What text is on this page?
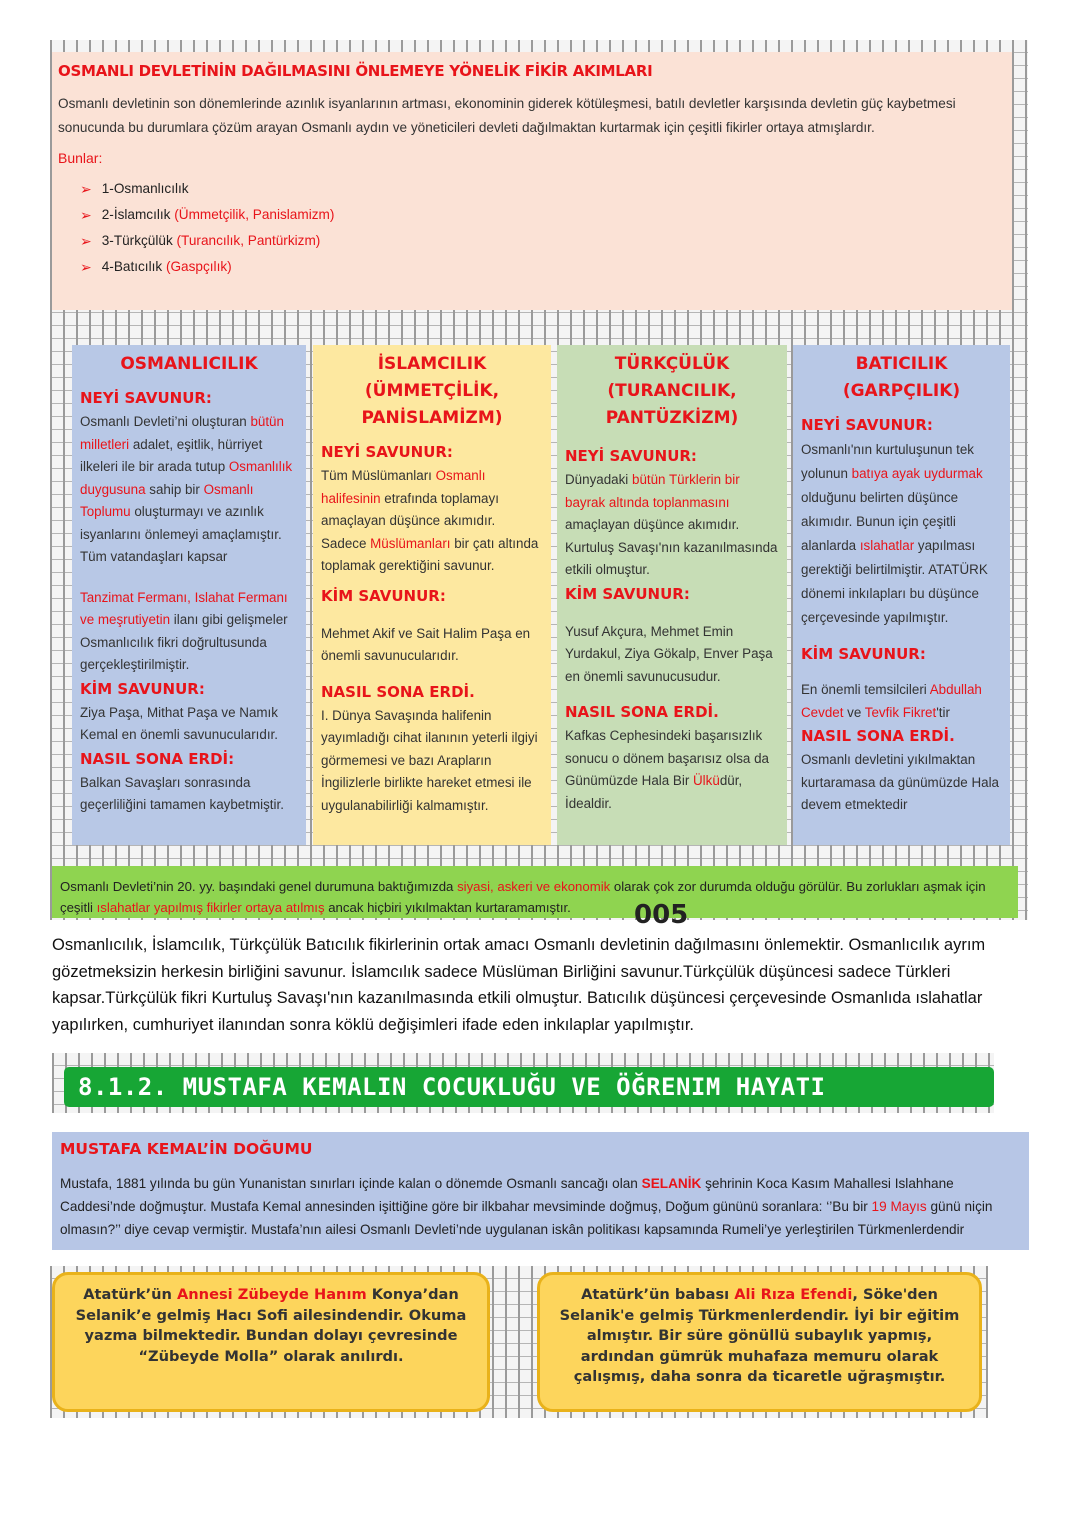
OSMANLI DEVLETİNİN DAĞILMASINI ÖNLEMEYE YÖNELİK FİKİR AKIMLARI

Osmanlı devletinin son dönemlerinde azınlık isyanlarının artması, ekonominin giderek kötüleşmesi, batılı devletler karşısında devletin güç kaybetmesi sonucunda bu durumlara çözüm arayan Osmanlı aydın ve yöneticileri devleti dağılmaktan kurtarmak için çeşitli fikirler ortaya atmışlardır.

Bunlar:

➢ 1-Osmanlıcılık
➢ 2-İslamcılık
(Ümmetçilik, Panislamizm)
➢ 3-Türkçülük
(Turancılık, Pantürkizm)
➢ 4-Batıcılık
(Gaspçılık)
OSMANLICILIK
NEYİ SAVUNUR:

Osmanlı Devleti’ni oluşturan bütün milletleri adalet, eşitlik, hürriyet ilkeleri ile bir arada tutup Osmanlılık duygusuna sahip bir Osmanlı Toplumu oluşturmayı ve azınlık isyanlarını önlemeyi amaçlamıştır.
Tüm vatandaşları kapsar

Tanzimat Fermanı, Islahat Fermanı ve meşrutiyetin ilanı gibi gelişmeler Osmanlıcılık fikri doğrultusunda gerçekleştirilmiştir.

KİM SAVUNUR:

Ziya Paşa, Mithat Paşa ve Namık Kemal en önemli savunucularıdır.

NASIL SONA ERDİ:

Balkan Savaşları sonrasında geçerliliğini tamamen kaybetmiştir.

İSLAMCILIK (ÜMMETÇİLİK, PANİSLAMİZM)
NEYİ SAVUNUR:

Tüm Müslümanları Osmanlı halifesinin etrafında toplamayı amaçlayan düşünce akımıdır. Sadece Müslümanları bir çatı altında toplamak gerektiğini savunur.

KİM SAVUNUR:

Mehmet Akif ve Sait Halim Paşa en önemli savunucularıdır.

NASIL SONA ERDİ.

I. Dünya Savaşında halifenin yayımladığı cihat ilanının yeterli ilgiyi görmemesi ve bazı Arapların İngilizlerle birlikte hareket etmesi ile uygulanabilirliği kalmamıştır.

TÜRKÇÜLÜK (TURANCILIK, PANTÜZKİZM)
NEYİ SAVUNUR:

Dünyadaki bütün Türklerin bir bayrak altında toplanmasını amaçlayan düşünce akımıdır. Kurtuluş Savaşı'nın kazanılmasında etkili olmuştur.

KİM SAVUNUR:

Yusuf Akçura, Mehmet Emin Yurdakul, Ziya Gökalp, Enver Paşa en önemli savunucusudur.

NASIL SONA ERDİ.

Kafkas Cephesindeki başarısızlık sonucu o dönem başarısız olsa da Günümüzde Hala Bir Ülküdür, İdealdir.

BATICILIK (GARPÇILIK)
NEYİ SAVUNUR:

Osmanlı'nın kurtuluşunun tek yolunun batıya ayak uydurmak olduğunu belirten düşünce akımıdır. Bunun için çeşitli alanlarda ıslahatlar yapılması gerektiği belirtilmiştir. ATATÜRK dönemi inkılapları bu düşünce çerçevesinde yapılmıştır.

KİM SAVUNUR:

En önemli temsilcileri Abdullah Cevdet ve Tevfik Fikret'tir

NASIL SONA ERDİ.

Osmanlı devletini yıkılmaktan kurtaramasa da günümüzde Hala devem etmektedir

Osmanlı Devleti’nin 20. yy. başındaki genel durumuna baktığımızda siyasi, askeri ve ekonomik olarak çok zor durumda olduğu görülür. Bu zorlukları aşmak için çeşitli ıslahatlar yapılmış fikirler ortaya atılmış ancak hiçbiri yıkılmaktan kurtaramamıştır.	005

Osmanlıcılık, İslamcılık, Türkçülük Batıcılık fikirlerinin ortak amacı Osmanlı devletinin dağılmasını önlemektir. Osmanlıcılık ayrım gözetmeksizin herkesin birliğini savunur. İslamcılık sadece Müslüman Birliğini savunur.Türkçülük düşüncesi sadece Türkleri kapsar.Türkçülük fikri Kurtuluş Savaşı'nın kazanılmasında etkili olmuştur. Batıcılık düşüncesi çerçevesinde Osmanlıda ıslahatlar yapılırken, cumhuriyet ilanından sonra köklü değişimleri ifade eden inkılaplar yapılmıştır.

8.1.2. MUSTAFA KEMALIN COCUKLUĞU VE ÖĞRENIM HAYATI
MUSTAFA KEMAL’İN DOĞUMU

Mustafa, 1881 yılında bu gün Yunanistan sınırları içinde kalan o dönemde Osmanlı sancağı olan SELANİK şehrinin Koca Kasım Mahallesi Islahhane Caddesi’nde doğmuştur. Mustafa Kemal annesinden işittiğine göre bir ilkbahar mevsiminde doğmuş, Doğum gününü soranlara: ‘’Bu bir 19 Mayıs günü niçin olmasın?’’ diye cevap vermiştir. Mustafa’nın ailesi Osmanlı Devleti’nde uygulanan iskân politikası kapsamında Rumeli’ye yerleştirilen Türkmenlerdendir

Atatürk’ün Annesi Zübeyde Hanım Konya’dan Selanik’e gelmiş Hacı Sofi ailesindendir. Okuma yazma bilmektedir. Bundan dolayı çevresinde “Zübeyde Molla” olarak anılırdı.
Atatürk’ün babası Ali Rıza Efendi, Söke'den Selanik'e gelmiş Türkmenlerdendir. İyi bir eğitim almıştır. Bir süre gönüllü subaylık yapmış, ardından gümrük muhafaza memuru olarak çalışmış, daha sonra da ticaretle uğraşmıştır.
